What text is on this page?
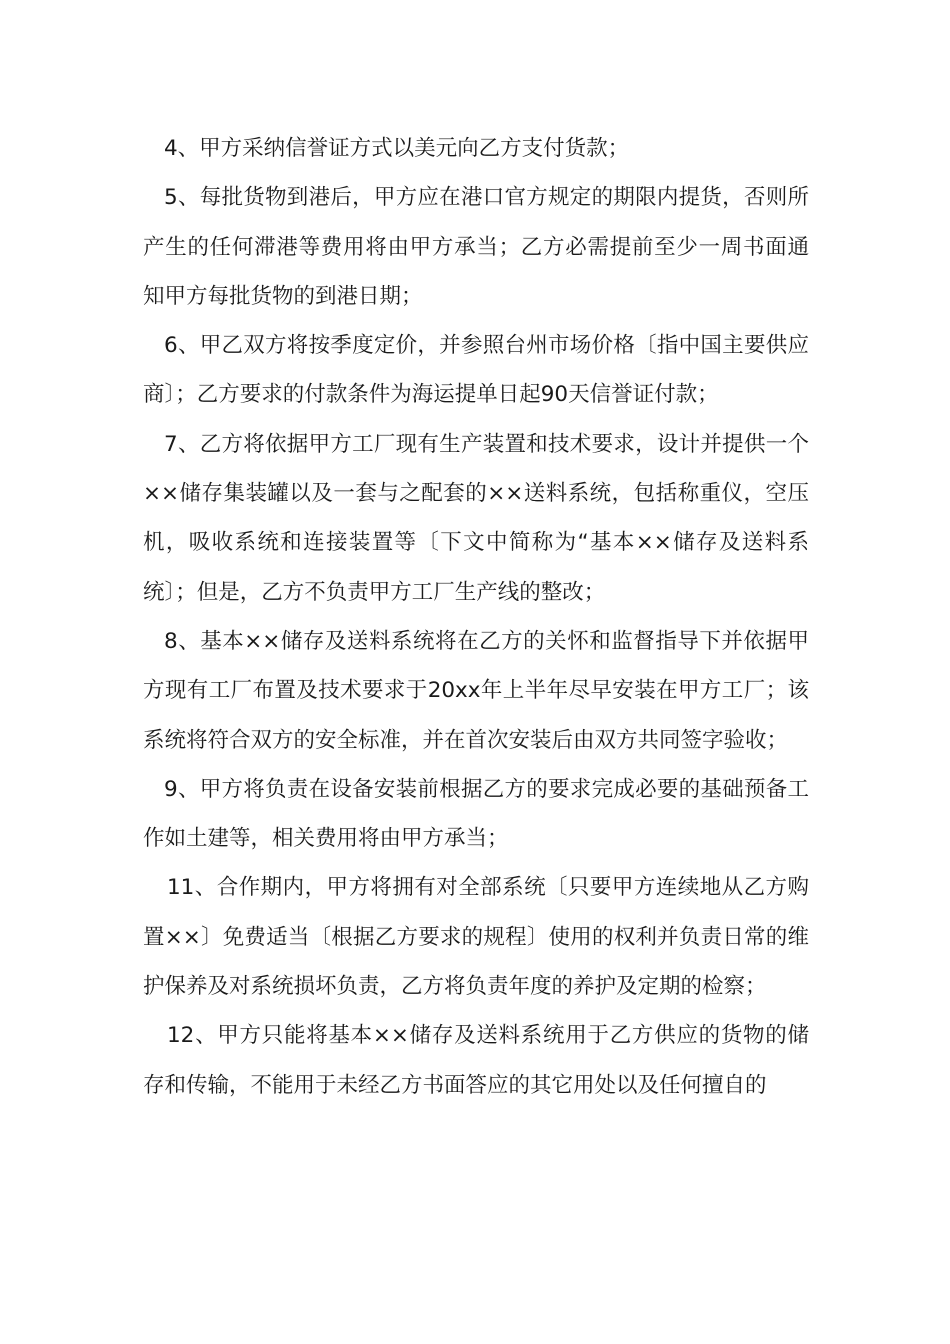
4、甲方采纳信誉证方式以美元向乙方支付货款；

5、每批货物到港后，甲方应在港口官方规定的期限内提货，否则所产生的任何滞港等费用将由甲方承当；乙方必需提前至少一周书面通知甲方每批货物的到港日期；

6、甲乙双方将按季度定价，并参照台州市场价格〔指中国主要供应商〕；乙方要求的付款条件为海运提单日起90天信誉证付款；

7、乙方将依据甲方工厂现有生产装置和技术要求，设计并提供一个××储存集装罐以及一套与之配套的××送料系统，包括称重仪，空压机，吸收系统和连接装置等〔下文中简称为“基本××储存及送料系统〕；但是，乙方不负责甲方工厂生产线的整改；

8、基本××储存及送料系统将在乙方的关怀和监督指导下并依据甲方现有工厂布置及技术要求于20xx年上半年尽早安装在甲方工厂；该系统将符合双方的安全标准，并在首次安装后由双方共同签字验收；

9、甲方将负责在设备安装前根据乙方的要求完成必要的基础预备工作如土建等，相关费用将由甲方承当；

11、合作期内，甲方将拥有对全部系统〔只要甲方连续地从乙方购置××〕免费适当〔根据乙方要求的规程〕使用的权利并负责日常的维护保养及对系统损坏负责，乙方将负责年度的养护及定期的检察；

12、甲方只能将基本××储存及送料系统用于乙方供应的货物的储存和传输，不能用于未经乙方书面答应的其它用处以及任何擅自的
